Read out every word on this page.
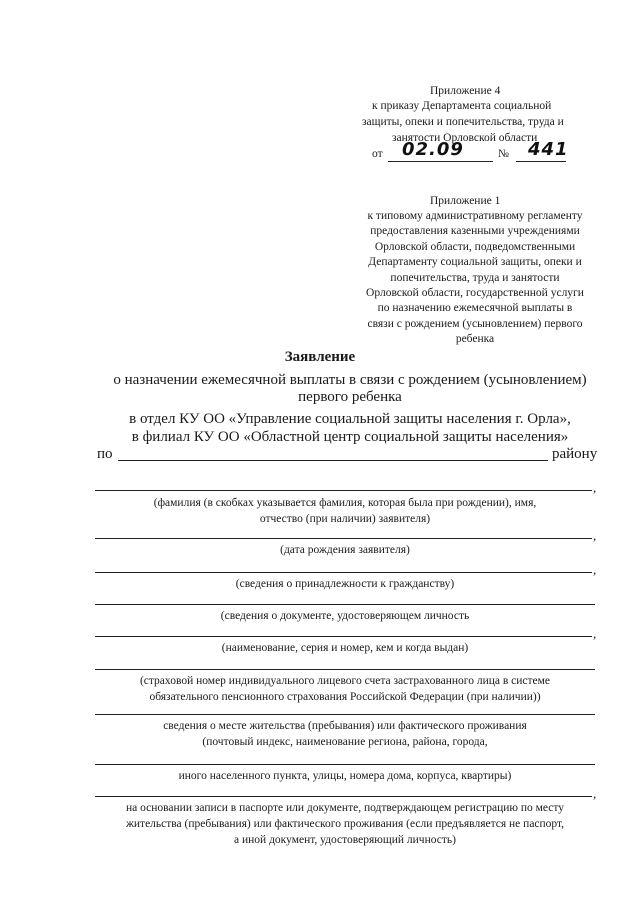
Приложение 4
к приказу Департамента социальной
защиты, опеки и попечительства, труда и
занятости Орловской области
от 02.09	№ 441
Приложение 1
к типовому административному регламенту
предоставления казенными учреждениями
Орловской области, подведомственными
Департаменту социальной защиты, опеки и
попечительства, труда и занятости
Орловской области, государственной услуги
по назначению ежемесячной выплаты в
связи с рождением (усыновлением) первого
ребенка
Заявление
о назначении ежемесячной выплаты в связи с рождением (усыновлением)
первого ребенка
в отдел КУ ОО «Управление социальной защиты населения г. Орла»,
в филиал КУ ОО «Областной центр социальной защиты населения»
по	району
,
(фамилия (в скобках указывается фамилия, которая была при рождении), имя,
отчество (при наличии) заявителя)
,
(дата рождения заявителя)
,
(сведения о принадлежности к гражданству)
(сведения о документе, удостоверяющем личность
,
(наименование, серия и номер, кем и когда выдан)
(страховой номер индивидуального лицевого счета застрахованного лица в системе
обязательного пенсионного страхования Российской Федерации (при наличии))
сведения о месте жительства (пребывания) или фактического проживания
(почтовый индекс, наименование региона, района, города,
иного населенного пункта, улицы, номера дома, корпуса, квартиры)
,
на основании записи в паспорте или документе, подтверждающем регистрацию по месту
жительства (пребывания) или фактического проживания (если предъявляется не паспорт,
а иной документ, удостоверяющий личность)
